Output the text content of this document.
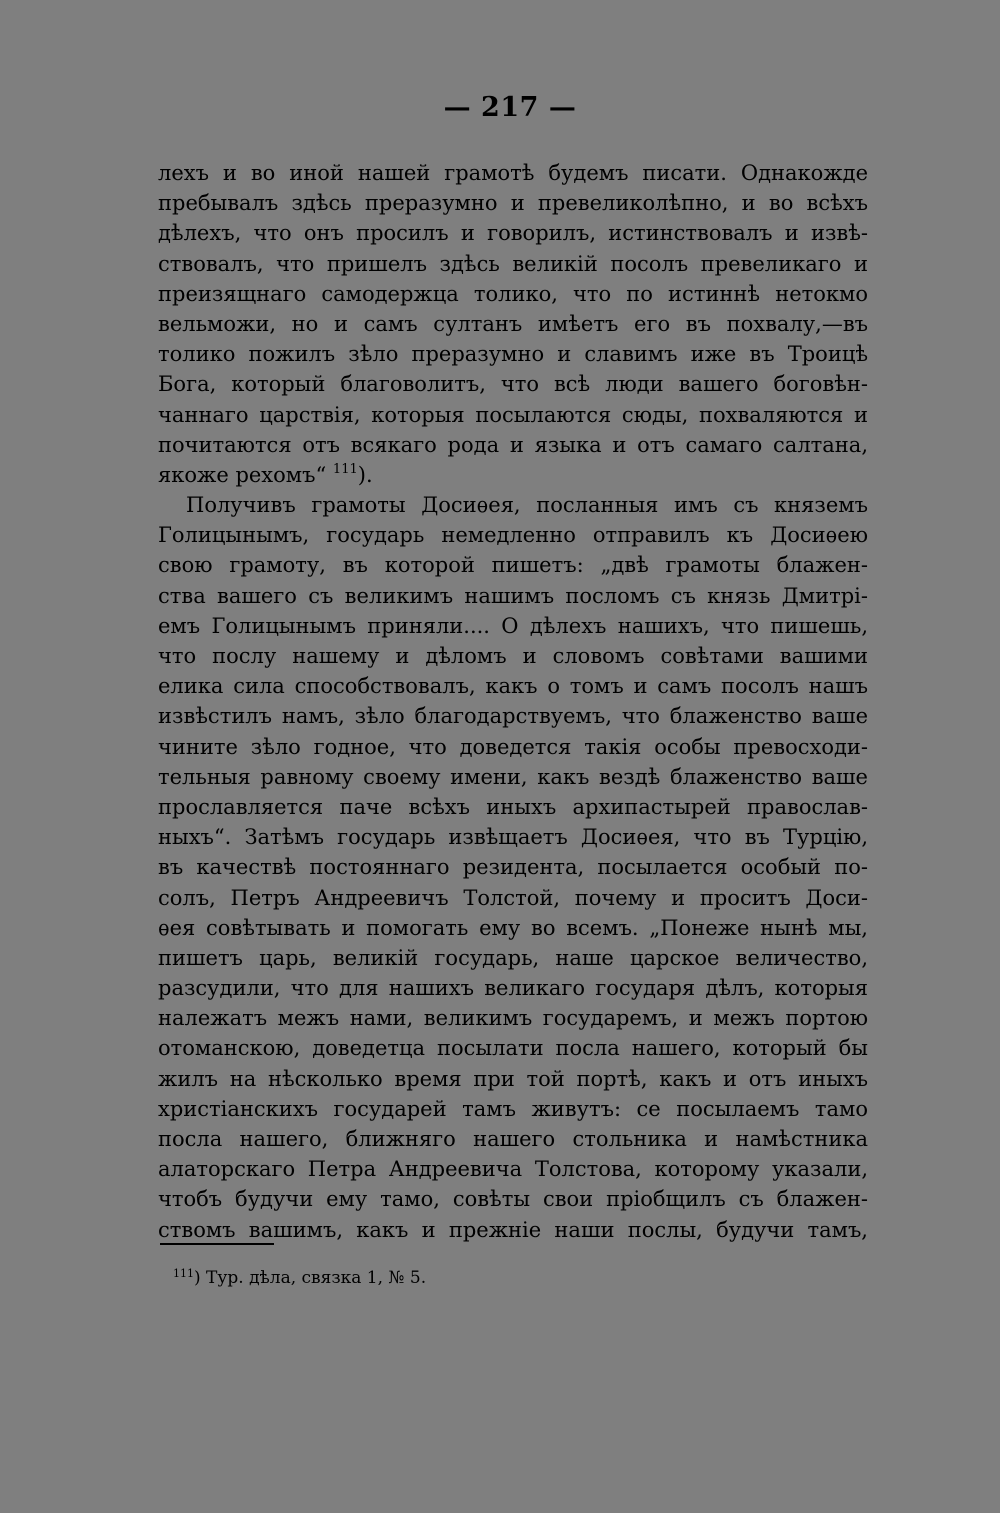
— 217 —
лехъ и во иной нашей грамотѣ будемъ писати. Однакожде
пребывалъ здѣсь преразумно и превеликолѣпно, и во всѣхъ
дѣлехъ, что онъ просилъ и говорилъ, истинствовалъ и извѣ-
ствовалъ, что пришелъ здѣсь великій посолъ превеликаго и
преизящнаго самодержца толико, что по истиннѣ нетокмо
вельможи, но и самъ султанъ имѣетъ его въ похвалу,—въ
толико пожилъ зѣло преразумно и славимъ иже въ Троицѣ
Бога, который благоволитъ, что всѣ люди вашего боговѣн-
чаннаго царствія, которыя посылаются сюды, похваляются и
почитаются отъ всякаго рода и языка и отъ самаго салтана,
якоже рехомъ“ $^{111}$).
Получивъ грамоты Досиѳея, посланныя имъ съ княземъ
Голицынымъ, государь немедленно отправилъ къ Досиѳею
свою грамоту, въ которой пишетъ: „двѣ грамоты блажен-
ства вашего съ великимъ нашимъ посломъ съ князь Дмитрі-
емъ Голицынымъ приняли.... О дѣлехъ нашихъ, что пишешь,
что послу нашему и дѣломъ и словомъ совѣтами вашими
елика сила способствовалъ, какъ о томъ и самъ посолъ нашъ
извѣстилъ намъ, зѣло благодарствуемъ, что блаженство ваше
чините зѣло годное, что доведется такія особы превосходи-
тельныя равному своему имени, какъ вездѣ блаженство ваше
прославляется паче всѣхъ иныхъ архипастырей православ-
ныхъ“. Затѣмъ государь извѣщаетъ Досиѳея, что въ Турцію,
въ качествѣ постояннаго резидента, посылается особый по-
солъ, Петръ Андреевичъ Толстой, почему и проситъ Доси-
ѳея совѣтывать и помогать ему во всемъ. „Понеже нынѣ мы,
пишетъ царь, великій государь, наше царское величество,
разсудили, что для нашихъ великаго государя дѣлъ, которыя
належатъ межъ нами, великимъ государемъ, и межъ портою
отоманскою, доведетца посылати посла нашего, который бы
жилъ на нѣсколько время при той портѣ, какъ и отъ иныхъ
христіанскихъ государей тамъ живутъ: се посылаемъ тамо
посла нашего, ближняго нашего стольника и намѣстника
алаторскаго Петра Андреевича Толстова, которому указали,
чтобъ будучи ему тамо, совѣты свои пріобщилъ съ блажен-
ствомъ вашимъ, какъ и прежніе наши послы, будучи тамъ,
$^{111}$) Тур. дѣла, связка 1, № 5.
